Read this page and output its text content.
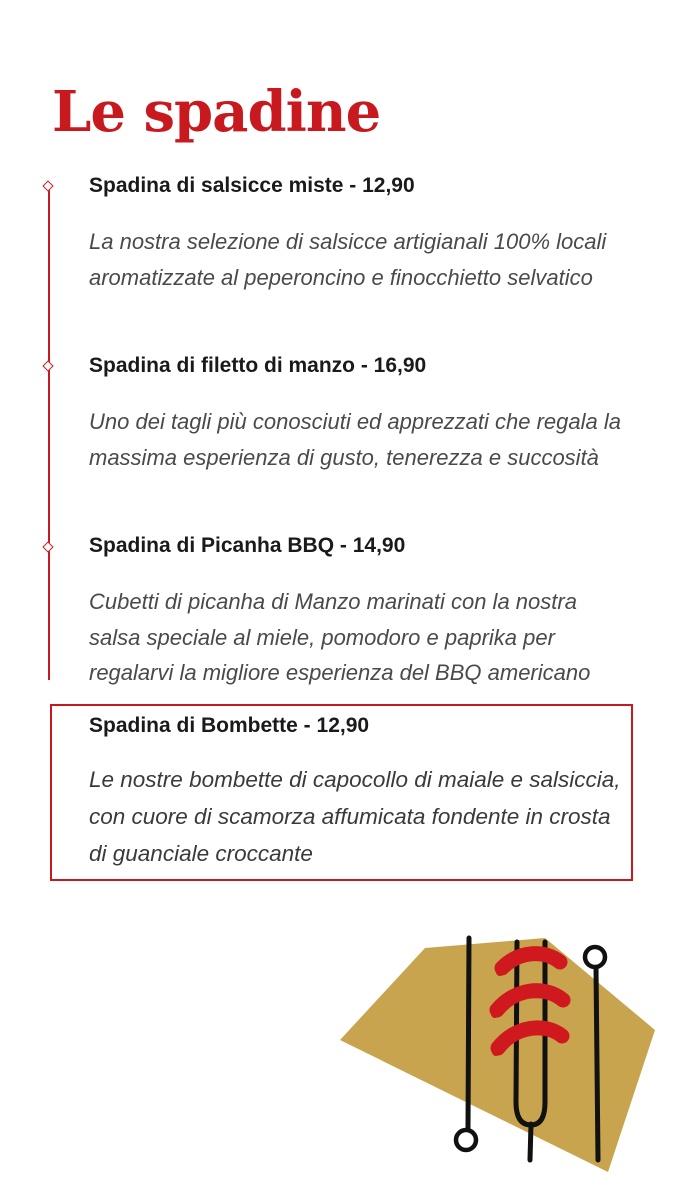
Le spadine
Spadina di salsicce miste - 12,90

La nostra selezione di salsicce artigianali 100% locali aromatizzate al peperoncino e finocchietto selvatico

Spadina di filetto di manzo - 16,90

Uno dei tagli più conosciuti ed apprezzati che regala la massima esperienza di gusto, tenerezza e succosità

Spadina di Picanha BBQ - 14,90

Cubetti di picanha di Manzo marinati con la nostra salsa speciale al miele, pomodoro e paprika per regalarvi la migliore esperienza del BBQ americano

Spadina di Bombette - 12,90

Le nostre bombette di capocollo di maiale e salsiccia, con cuore di scamorza affumicata fondente in crosta di guanciale croccante
